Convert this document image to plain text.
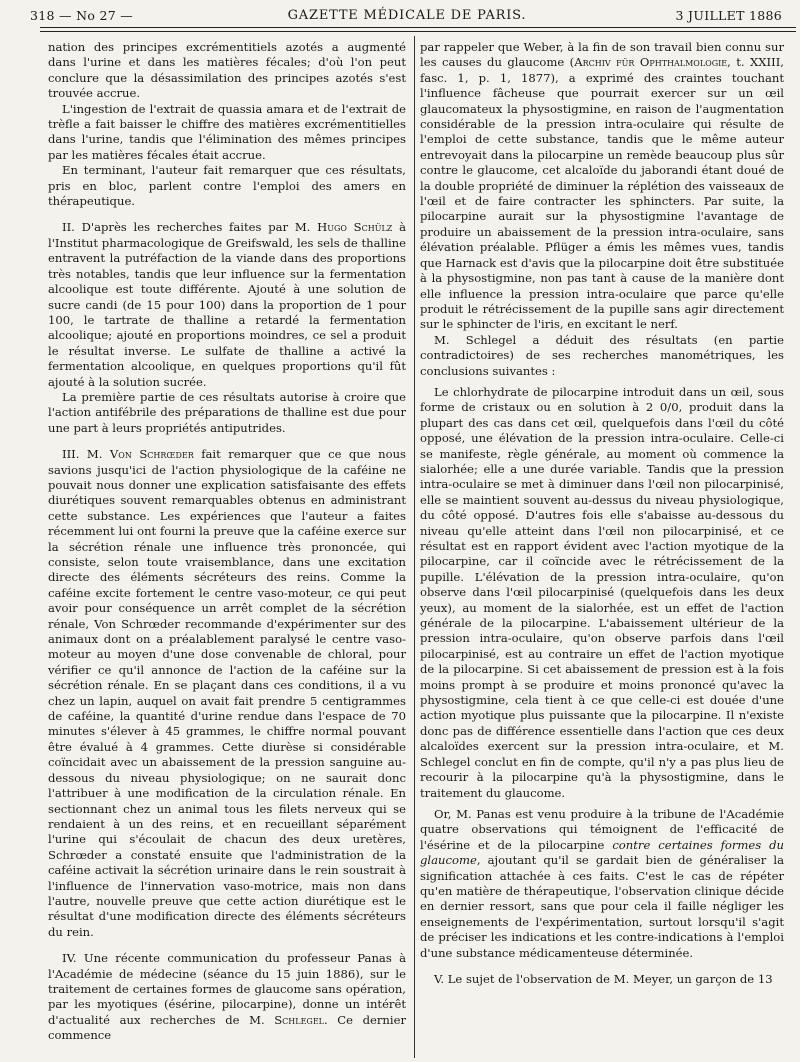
318 — No 27 —	GAZETTE MÉDICALE DE PARIS.	3 JUILLET 1886

nation des principes excrémentitiels azotés a augmenté dans l'urine et dans les matières fécales; d'où l'on peut conclure que la désassimilation des principes azotés s'est trouvée accrue.

L'ingestion de l'extrait de quassia amara et de l'extrait de trèfle a fait baisser le chiffre des matières excrémentitielles dans l'urine, tandis que l'élimination des mêmes principes par les matières fécales était accrue.

En terminant, l'auteur fait remarquer que ces résultats, pris en bloc, parlent contre l'emploi des amers en thérapeutique.

II. D'après les recherches faites par M. Hugo Schülz à l'Institut pharmacologique de Greifswald, les sels de thalline entravent la putréfaction de la viande dans des proportions très notables, tandis que leur influence sur la fermentation alcoolique est toute différente. Ajouté à une solution de sucre candi (de 15 pour 100) dans la proportion de 1 pour 100, le tartrate de thalline a retardé la fermentation alcoolique; ajouté en proportions moindres, ce sel a produit le résultat inverse. Le sulfate de thalline a activé la fermentation alcoolique, en quelques proportions qu'il fût ajouté à la solution sucrée.

La première partie de ces résultats autorise à croire que l'action antifébrile des préparations de thalline est due pour une part à leurs propriétés antiputrides.

III. M. Von Schrœder fait remarquer que ce que nous savions jusqu'ici de l'action physiologique de la caféine ne pouvait nous donner une explication satisfaisante des effets diurétiques souvent remarquables obtenus en administrant cette substance. Les expériences que l'auteur a faites récemment lui ont fourni la preuve que la caféine exerce sur la sécrétion rénale une influence très prononcée, qui consiste, selon toute vraisemblance, dans une excitation directe des éléments sécréteurs des reins. Comme la caféine excite fortement le centre vaso-moteur, ce qui peut avoir pour conséquence un arrêt complet de la sécrétion rénale, Von Schrœder recommande d'expérimenter sur des animaux dont on a préalablement paralysé le centre vaso-moteur au moyen d'une dose convenable de chloral, pour vérifier ce qu'il annonce de l'action de la caféine sur la sécrétion rénale. En se plaçant dans ces conditions, il a vu chez un lapin, auquel on avait fait prendre 5 centigrammes de caféine, la quantité d'urine rendue dans l'espace de 70 minutes s'élever à 45 grammes, le chiffre normal pouvant être évalué à 4 grammes. Cette diurèse si considérable coïncidait avec un abaissement de la pression sanguine au-dessous du niveau physiologique; on ne saurait donc l'attribuer à une modification de la circulation rénale. En sectionnant chez un animal tous les filets nerveux qui se rendaient à un des reins, et en recueillant séparément l'urine qui s'écoulait de chacun des deux uretères, Schrœder a constaté ensuite que l'administration de la caféine activait la sécrétion urinaire dans le rein soustrait à l'influence de l'innervation vaso-motrice, mais non dans l'autre, nouvelle preuve que cette action diurétique est le résultat d'une modification directe des éléments sécréteurs du rein.

IV. Une récente communication du professeur Panas à l'Académie de médecine (séance du 15 juin 1886), sur le traitement de certaines formes de glaucome sans opération, par les myotiques (ésérine, pilocarpine), donne un intérêt d'actualité aux recherches de M. Schlegel. Ce dernier commence

par rappeler que Weber, à la fin de son travail bien connu sur les causes du glaucome (Archiv für Ophthalmologie, t. XXIII, fasc. 1, p. 1, 1877), a exprimé des craintes touchant l'influence fâcheuse que pourrait exercer sur un œil glaucomateux la physostigmine, en raison de l'augmentation considérable de la pression intra-oculaire qui résulte de l'emploi de cette substance, tandis que le même auteur entrevoyait dans la pilocarpine un remède beaucoup plus sûr contre le glaucome, cet alcaloïde du jaborandi étant doué de la double propriété de diminuer la réplétion des vaisseaux de l'œil et de faire contracter les sphincters. Par suite, la pilocarpine aurait sur la physostigmine l'avantage de produire un abaissement de la pression intra-oculaire, sans élévation préalable. Pflüger a émis les mêmes vues, tandis que Harnack est d'avis que la pilocarpine doit être substituée à la physostigmine, non pas tant à cause de la manière dont elle influence la pression intra-oculaire que parce qu'elle produit le rétrécissement de la pupille sans agir directement sur le sphincter de l'iris, en excitant le nerf.

M. Schlegel a déduit des résultats (en partie contradictoires) de ses recherches manométriques, les conclusions suivantes :

Le chlorhydrate de pilocarpine introduit dans un œil, sous forme de cristaux ou en solution à 2 0/0, produit dans la plupart des cas dans cet œil, quelquefois dans l'œil du côté opposé, une élévation de la pression intra-oculaire. Celle-ci se manifeste, règle générale, au moment où commence la sialorhée; elle a une durée variable. Tandis que la pression intra-oculaire se met à diminuer dans l'œil non pilocarpinisé, elle se maintient souvent au-dessus du niveau physiologique, du côté opposé. D'autres fois elle s'abaisse au-dessous du niveau qu'elle atteint dans l'œil non pilocarpinisé, et ce résultat est en rapport évident avec l'action myotique de la pilocarpine, car il coïncide avec le rétrécissement de la pupille. L'élévation de la pression intra-oculaire, qu'on observe dans l'œil pilocarpinisé (quelquefois dans les deux yeux), au moment de la sialorhée, est un effet de l'action générale de la pilocarpine. L'abaissement ultérieur de la pression intra-oculaire, qu'on observe parfois dans l'œil pilocarpinisé, est au contraire un effet de l'action myotique de la pilocarpine. Si cet abaissement de pression est à la fois moins prompt à se produire et moins prononcé qu'avec la physostigmine, cela tient à ce que celle-ci est douée d'une action myotique plus puissante que la pilocarpine. Il n'existe donc pas de différence essentielle dans l'action que ces deux alcaloïdes exercent sur la pression intra-oculaire, et M. Schlegel conclut en fin de compte, qu'il n'y a pas plus lieu de recourir à la pilocarpine qu'à la physostigmine, dans le traitement du glaucome.

Or, M. Panas est venu produire à la tribune de l'Académie quatre observations qui témoignent de l'efficacité de l'ésérine et de la pilocarpine contre certaines formes du glaucome, ajoutant qu'il se gardait bien de généraliser la signification attachée à ces faits. C'est le cas de répéter qu'en matière de thérapeutique, l'observation clinique décide en dernier ressort, sans que pour cela il faille négliger les enseignements de l'expérimentation, surtout lorsqu'il s'agit de préciser les indications et les contre-indications à l'emploi d'une substance médicamenteuse déterminée.

V. Le sujet de l'observation de M. Meyer, un garçon de 13
